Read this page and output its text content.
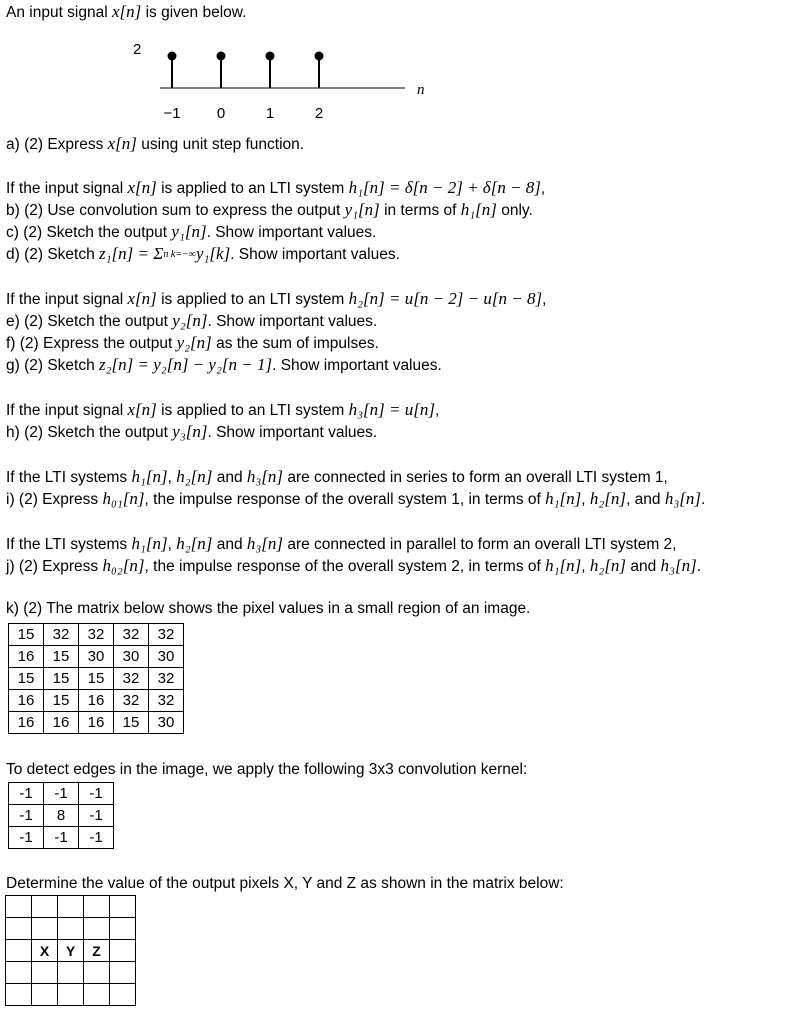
An input signal x[n] is given below.
2
n
−1 0	1	2
a) (2) Express x[n] using unit step function.
If the input signal x[n] is applied to an LTI system h₁[n] = δ[n − 2] + δ[n − 8],
b) (2) Use convolution sum to express the output y₁[n] in terms of h₁[n] only.
c) (2) Sketch the output y₁[n]. Show important values.
d) (2) Sketch z₁[n] = Σn k=−∞y₁[k]. Show important values.
If the input signal x[n] is applied to an LTI system h₂[n] = u[n − 2] − u[n − 8],
e) (2) Sketch the output y₂[n]. Show important values.
f) (2) Express the output y₂[n] as the sum of impulses.
g) (2) Sketch z₂[n] = y₂[n] − y₂[n − 1]. Show important values.
If the input signal x[n] is applied to an LTI system h₃[n] = u[n],
h) (2) Sketch the output y₃[n]. Show important values.
If the LTI systems h₁[n], h₂[n] and h₃[n] are connected in series to form an overall LTI system 1,
i) (2) Express h₀₁[n], the impulse response of the overall system 1, in terms of h₁[n], h₂[n], and h₃[n].
If the LTI systems h₁[n], h₂[n] and h₃[n] are connected in parallel to form an overall LTI system 2,
j) (2) Express h₀₂[n], the impulse response of the overall system 2, in terms of h₁[n], h₂[n] and h₃[n].
k) (2) The matrix below shows the pixel values in a small region of an image.
15	32	32	32	32
16	15	30	30	30
15	15	15	32	32
16	15	16	32	32
16	16	16	15	30
To detect edges in the image, we apply the following 3x3 convolution kernel:
-1	-1	-1
-1	8	-1
-1	-1	-1
Determine the value of the output pixels X, Y and Z as shown in the matrix below:

	X	Y	Z	
